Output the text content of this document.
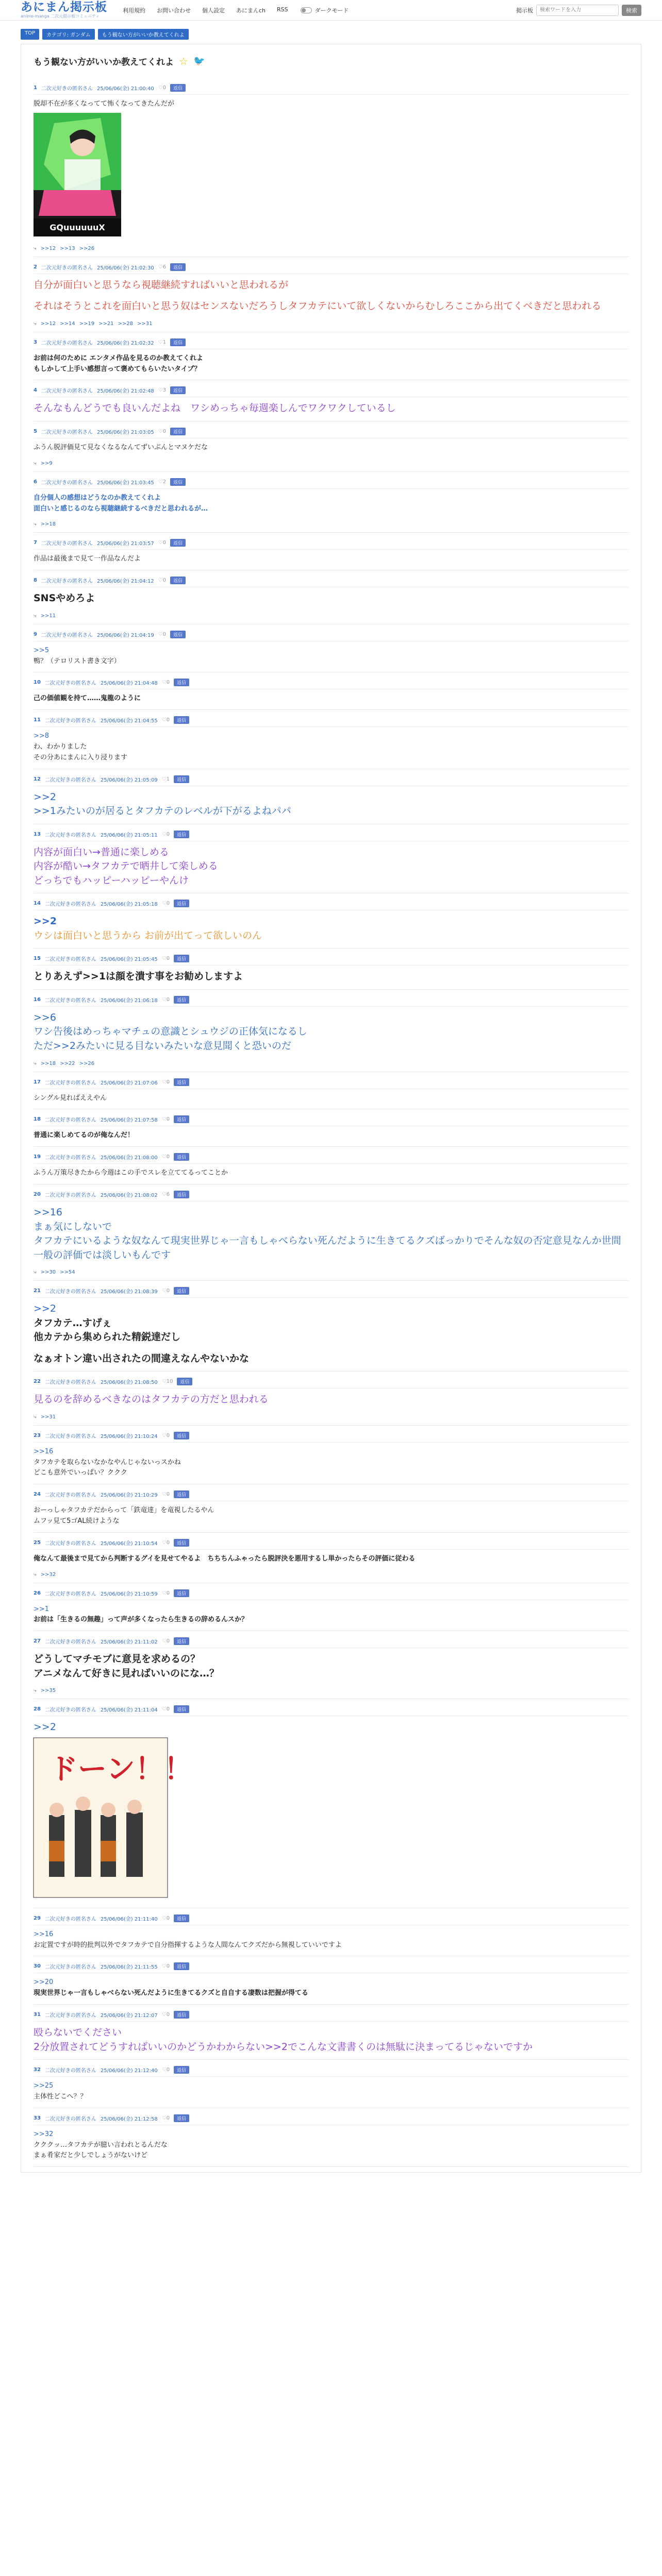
あにまん掲示板
anime-manga 二次元掲示板コミュニティ
利用規約 お問い合わせ 個人設定 あにまんch RSS	ダークモード	掲示板
検索ワードを入力	検索
TOP	カテゴリ: ガンダム	もう観ない方がいいか教えてくれよ
もう観ない方がいいか教えてくれよ ☆ 🐦
1 二次元好きの匿名さん 25/06/06(金) 21:00:40 ♡0	返信
脱却不在が多くなってて怖くなってきたんだが
GQuuuuuuX
⤷ >>12 >>13 >>26
2 二次元好きの匿名さん 25/06/06(金) 21:02:30 ♡6	返信
自分が面白いと思うなら視聴継続すればいいと思われるが
それはそうとこれを面白いと思う奴はセンスないだろうしタフカテにいて欲しくないからむしろここから出てくべきだと思われる
⤷ >>12 >>14 >>19 >>21 >>28 >>31
3 二次元好きの匿名さん 25/06/06(金) 21:02:32 ♡1	返信
お前は何のために エンタメ作品を見るのか教えてくれよ
もしかして上手い感想言って褒めてもらいたいタイプ？
4 二次元好きの匿名さん 25/06/06(金) 21:02:48 ♡3	返信
そんなもんどうでも良いんだよね　ワシめっちゃ毎週楽しんでワクワクしているし
5 二次元好きの匿名さん 25/06/06(金) 21:03:05 ♡0	返信
ふうん脱評価見て見なくなるなんてずいぶんとマヌケだな
⤷ >>9
6 二次元好きの匿名さん 25/06/06(金) 21:03:45 ♡2	返信
自分個人の感想はどうなのか教えてくれよ
面白いと感じるのなら視聴継続するべきだと思われるが…
⤷ >>18
7 二次元好きの匿名さん 25/06/06(金) 21:03:57 ♡0	返信
作品は最後まで見て一作品なんだよ
8 二次元好きの匿名さん 25/06/06(金) 21:04:12 ♡0	返信
SNSやめろよ
⤷ >>11
9 二次元好きの匿名さん 25/06/06(金) 21:04:19 ♡0	返信
>>5
鴨？（テロリスト書き文字）
10 二次元好きの匿名さん 25/06/06(金) 21:04:48 ♡0	返信
己の価値観を持て……鬼龍のように
11 二次元好きの匿名さん 25/06/06(金) 21:04:55 ♡0	返信
>>8
わ、わかりました
その分あにまんに入り浸ります
12 二次元好きの匿名さん 25/06/06(金) 21:05:09 ♡1	返信
>>2
>>1みたいのが居るとタフカテのレベルが下がるよねパパ
13 二次元好きの匿名さん 25/06/06(金) 21:05:11 ♡0	返信
内容が面白い→普通に楽しめる
内容が酷い→タフカテで晒井して楽しめる
どっちでもハッピーハッピーやんけ
14 二次元好きの匿名さん 25/06/06(金) 21:05:18 ♡0	返信
>>2
ウシは面白いと思うから お前が出てって欲しいのん
15 二次元好きの匿名さん 25/06/06(金) 21:05:45 ♡0	返信
とりあえず>>1は顔を潰す事をお勧めしますよ
16 二次元好きの匿名さん 25/06/06(金) 21:06:18 ♡0	返信
>>6
ワシ告後はめっちゃマチュの意識とシュウジの正体気になるし
ただ>>2みたいに見る目ないみたいな意見聞くと恐いのだ
⤷ >>18 >>22 >>26
17 二次元好きの匿名さん 25/06/06(金) 21:07:06 ♡0	返信
シングル見ればええやん
18 二次元好きの匿名さん 25/06/06(金) 21:07:58 ♡0	返信
普通に楽しめてるのが俺なんだ！
19 二次元好きの匿名さん 25/06/06(金) 21:08:00 ♡0	返信
ふうん万策尽きたから今週はこの手でスレを立ててるってことか
20 二次元好きの匿名さん 25/06/06(金) 21:08:02 ♡6	返信
>>16
まぁ気にしないで
タフカテにいるような奴なんて現実世界じゃ一言もしゃべらない死んだように生きてるクズばっかりでそんな奴の否定意見なんか世間一般の評価では淡しいもんです
⤷ >>30 >>54
21 二次元好きの匿名さん 25/06/06(金) 21:08:39 ♡0	返信
>>2
タフカテ…すげぇ
他カテから集められた精鋭達だし
なぁオトン違い出されたの間違えなんやないかな
22 二次元好きの匿名さん 25/06/06(金) 21:08:50 ♡10	返信
見るのを辞めるべきなのはタフカテの方だと思われる
⤷ >>31
23 二次元好きの匿名さん 25/06/06(金) 21:10:24 ♡0	返信
>>16
タフカテを取らないなかなやんじゃないっスかね
どこも意外でいっぱい？ククク
24 二次元好きの匿名さん 25/06/06(金) 21:10:29 ♡0	返信
おーっしゃタフカテだからって「鉄竜達」を竜視したるやん
ムフッ見て5ゴAL続けような
25 二次元好きの匿名さん 25/06/06(金) 21:10:54 ♡0	返信
俺なんて最後まで見てから判断するグイを見せてやるよ　ちちちんふゃったら脱評決を悪用するし単かったらその評価に従わる
⤷ >>32
26 二次元好きの匿名さん 25/06/06(金) 21:10:59 ♡0	返信
>>1
お前は「生きるの無趣」って声が多くなったら生きるの辞めるんスか？
27 二次元好きの匿名さん 25/06/06(金) 21:11:02 ♡0	返信
どうしてマチモブに意見を求めるの？
アニメなんて好きに見ればいいのにな…？
⤷ >>35
28 二次元好きの匿名さん 25/06/06(金) 21:11:04 ♡0	返信
>>2
ドーン！！
29 二次元好きの匿名さん 25/06/06(金) 21:11:40 ♡0	返信
>>16
お定置ですが時的批判以外でタフカテで自分指揮するような人間なんてクズだから無視していいですよ
30 二次元好きの匿名さん 25/06/06(金) 21:11:55 ♡0	返信
>>20
現実世界じゃ一言もしゃべらない死んだように生きてるクズと自自する凄数は把握が得てる
31 二次元好きの匿名さん 25/06/06(金) 21:12:07 ♡0	返信
殴らないでください
2分放置されてどうすればいいのかどうかわからない>>2でこんな文書書くのは無駄に決まってるじゃないですか
32 二次元好きの匿名さん 25/06/06(金) 21:12:40 ♡0	返信
>>25
主体性どこへ？？
33 二次元好きの匿名さん 25/06/06(金) 21:12:58 ♡0	返信
>>32
クククッ…タフカテが臆い言われとるんだな
まぁ肴家だと少しでしょうがないけど
